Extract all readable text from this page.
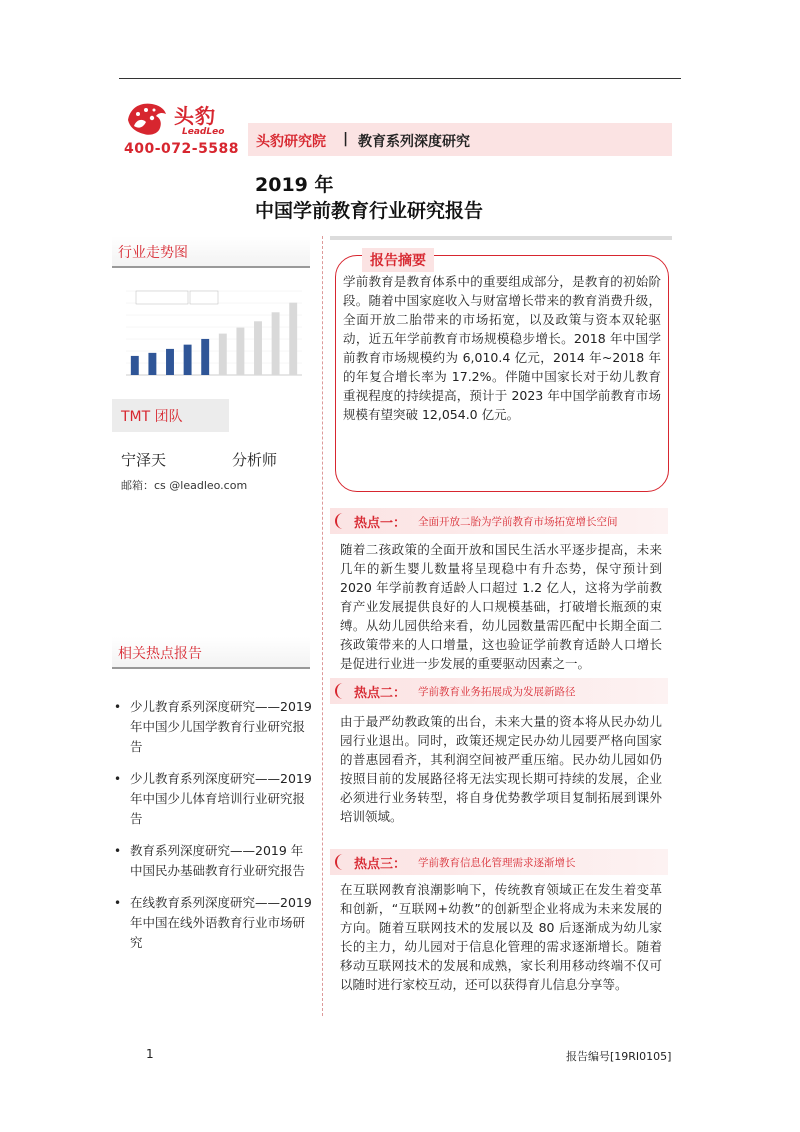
头豹
LeadLeo
400-072-5588 头豹研究院 | 教育系列深度研究
2019 年
中国学前教育行业研究报告
行业走势图
TMT 团队
宁泽天	分析师
邮箱：cs @leadleo.com
相关热点报告
• 少儿教育系列深度研究——2019 年中国少儿国学教育行业研究报告
• 少儿教育系列深度研究——2019 年中国少儿体育培训行业研究报告
• 教育系列深度研究——2019 年中国民办基础教育行业研究报告
• 在线教育系列深度研究——2019 年中国在线外语教育行业市场研究
报告摘要
学前教育是教育体系中的重要组成部分，是教育的初始阶段。随着中国家庭收入与财富增长带来的教育消费升级，全面开放二胎带来的市场拓宽，以及政策与资本双轮驱动，近五年学前教育市场规模稳步增长。2018 年中国学前教育市场规模约为 6,010.4 亿元，2014 年~2018 年的年复合增长率为 17.2%。伴随中国家长对于幼儿教育重视程度的持续提高，预计于 2023 年中国学前教育市场规模有望突破 12,054.0 亿元。
热点一： 全面开放二胎为学前教育市场拓宽增长空间
随着二孩政策的全面开放和国民生活水平逐步提高，未来几年的新生婴儿数量将呈现稳中有升态势，保守预计到 2020 年学前教育适龄人口超过 1.2 亿人，这将为学前教育产业发展提供良好的人口规模基础，打破增长瓶颈的束缚。从幼儿园供给来看，幼儿园数量需匹配中长期全面二孩政策带来的人口增量，这也验证学前教育适龄人口增长是促进行业进一步发展的重要驱动因素之一。
热点二： 学前教育业务拓展成为发展新路径
由于最严幼教政策的出台，未来大量的资本将从民办幼儿园行业退出。同时，政策还规定民办幼儿园要严格向国家的普惠园看齐，其利润空间被严重压缩。民办幼儿园如仍按照目前的发展路径将无法实现长期可持续的发展，企业必须进行业务转型，将自身优势教学项目复制拓展到课外培训领域。
热点三： 学前教育信息化管理需求逐渐增长
在互联网教育浪潮影响下，传统教育领域正在发生着变革和创新，“互联网+幼教”的创新型企业将成为未来发展的方向。随着互联网技术的发展以及 80 后逐渐成为幼儿家长的主力，幼儿园对于信息化管理的需求逐渐增长。随着移动互联网技术的发展和成熟，家长利用移动终端不仅可以随时进行家校互动，还可以获得育儿信息分享等。
1	报告编号[19RI0105]
